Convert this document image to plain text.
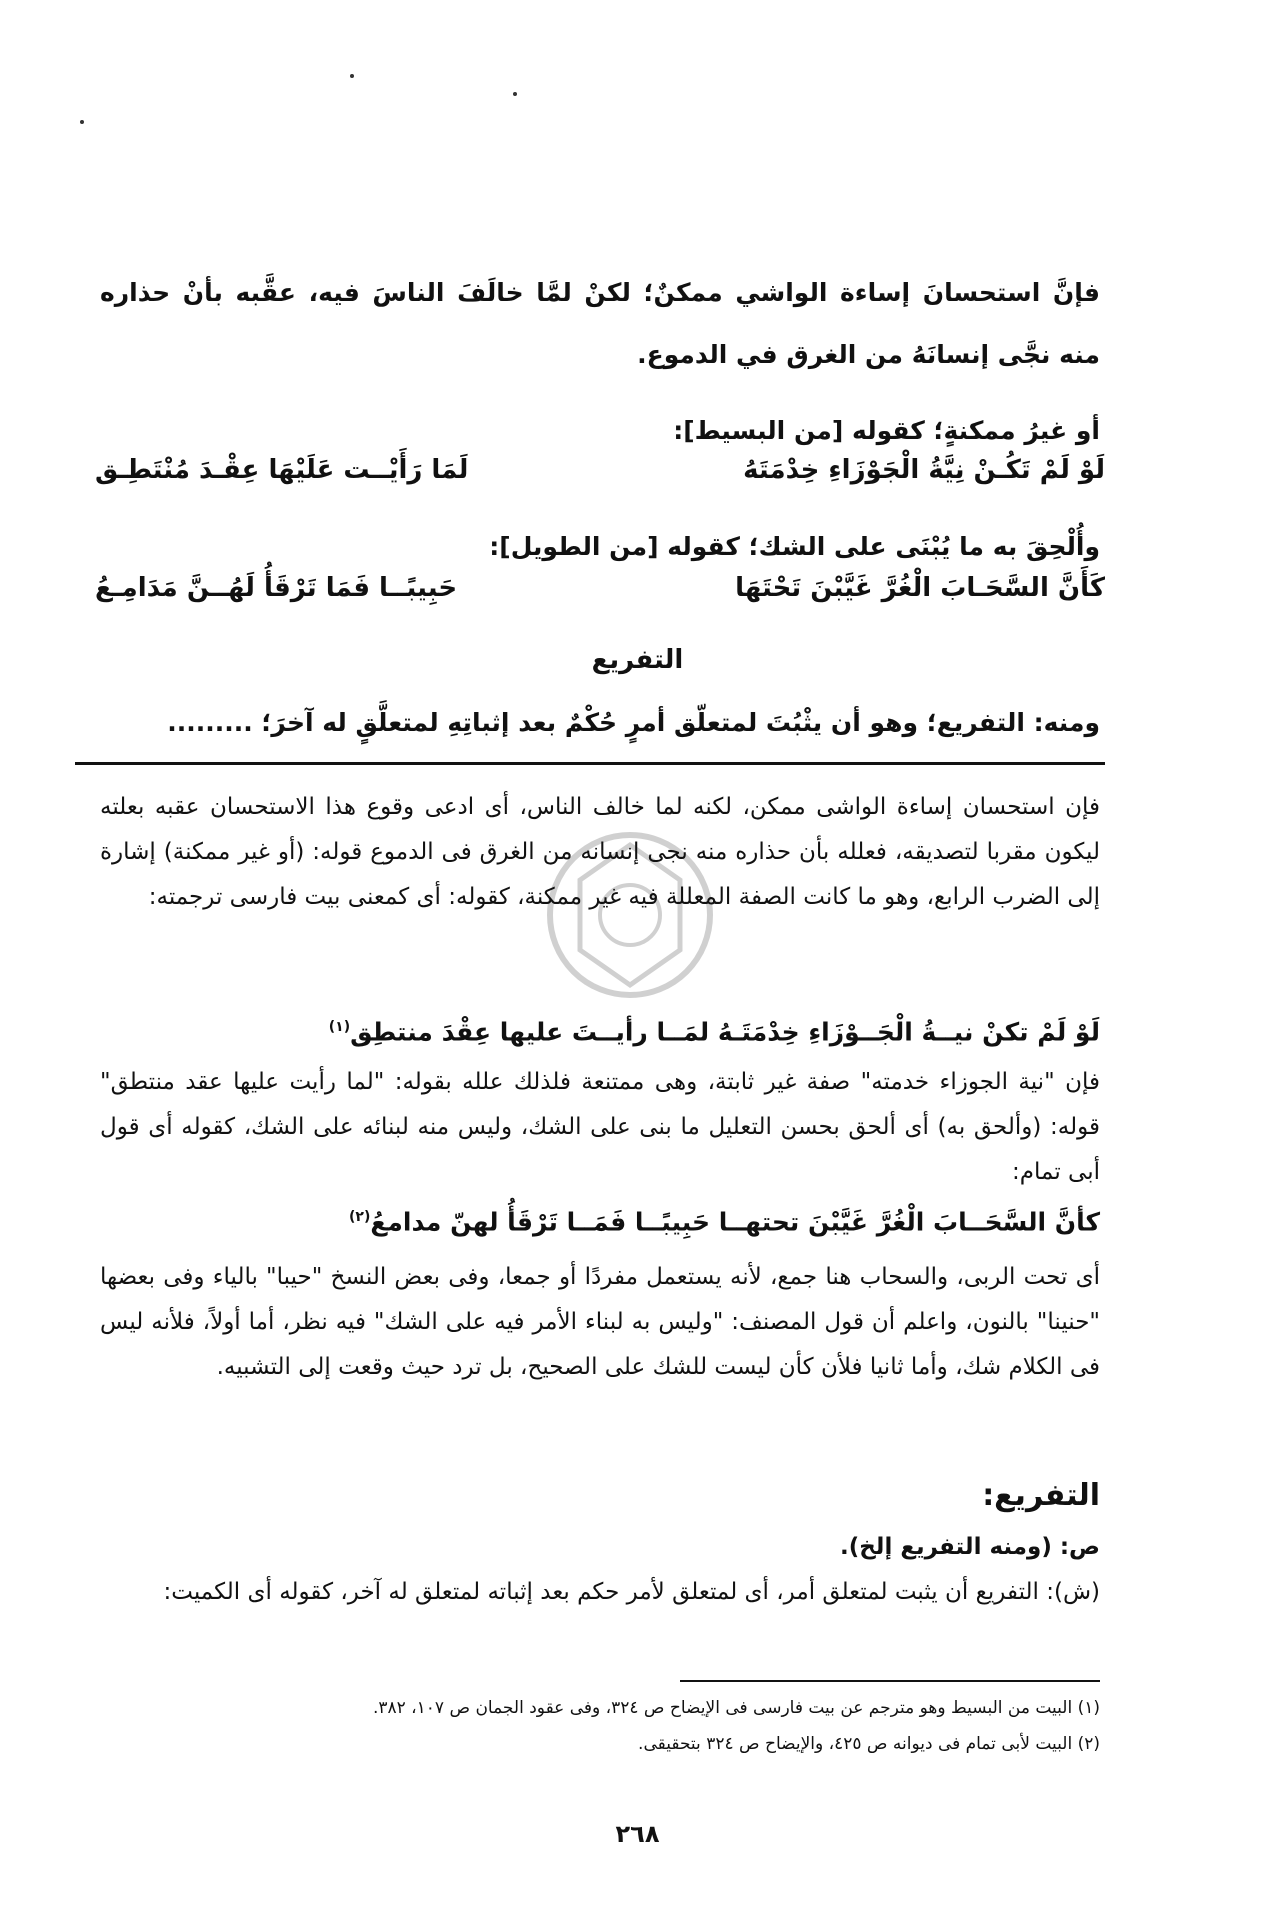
فإنَّ استحسانَ إساءة الواشي ممكنٌ؛ لكنْ لمَّا خالَفَ الناسَ فيه، عقَّبه بأنْ حذاره منه نجَّى إنسانَهُ من الغرق في الدموع.
أو غيرُ ممكنةٍ؛ كقوله [من البسيط]:
لَوْ لَمْ تَكُـنْ نِيَّةُ الْجَوْزَاءِ خِدْمَتَهُ
لَمَا رَأَيْــت عَلَيْهَا عِقْـدَ مُنْتَطِـق
وأُلْحِقَ به ما يُبْنَى على الشك؛ كقوله [من الطويل]:
كَأَنَّ السَّحَـابَ الْغُرَّ غَيَّبْنَ تَحْتَهَا
حَبِيبًــا فَمَا تَرْقَأُ لَهُــنَّ مَدَامِـعُ
التفريع
ومنه: التفريع؛ وهو أن يثْبُتَ لمتعلّق أمرٍ حُكْمٌ بعد إثباتِهِ لمتعلَّقٍ له آخرَ؛ .........
فإن استحسان إساءة الواشى ممكن، لكنه لما خالف الناس، أى ادعى وقوع هذا الاستحسان عقبه بعلته ليكون مقربا لتصديقه، فعلله بأن حذاره منه نجى إنسانه من الغرق فى الدموع قوله: (أو غير ممكنة) إشارة إلى الضرب الرابع، وهو ما كانت الصفة المعللة فيه غير ممكنة، كقوله: أى كمعنى بيت فارسى ترجمته:
لَوْ لَمْ تكنْ نيــةُ الْجَــوْزَاءِ خِدْمَتَـهُ لمَــا رأيــتَ عليها عِقْدَ منتطِق$^{(١)}$
فإن "نية الجوزاء خدمته" صفة غير ثابتة، وهى ممتنعة فلذلك علله بقوله: "لما رأيت عليها عقد منتطق" قوله: (وألحق به) أى ألحق بحسن التعليل ما بنى على الشك، وليس منه لبنائه على الشك، كقوله أى قول أبى تمام:
كأنَّ السَّحَــابَ الْغُرَّ غَيَّبْنَ تحتهــا حَبِيبًــا فَمَــا تَرْقَأُ لهنّ مدامعُ$^{(٢)}$
أى تحت الربى، والسحاب هنا جمع، لأنه يستعمل مفردًا أو جمعا، وفى بعض النسخ "حيبا" بالياء وفى بعضها "حنينا" بالنون، واعلم أن قول المصنف: "وليس به لبناء الأمر فيه على الشك" فيه نظر، أما أولاً، فلأنه ليس فى الكلام شك، وأما ثانيا فلأن كأن ليست للشك على الصحيح، بل ترد حيث وقعت إلى التشبيه.
التفريع:
ص: (ومنه التفريع إلخ).
(ش): التفريع أن يثبت لمتعلق أمر، أى لمتعلق لأمر حكم بعد إثباته لمتعلق له آخر، كقوله أى الكميت:
(١) البيت من البسيط وهو مترجم عن بيت فارسى فى الإيضاح ص ٣٢٤، وفى عقود الجمان ص ١٠٧، ٣٨٢.
(٢) البيت لأبى تمام فى ديوانه ص ٤٢٥، والإيضاح ص ٣٢٤ بتحقيقى.
٢٦٨
